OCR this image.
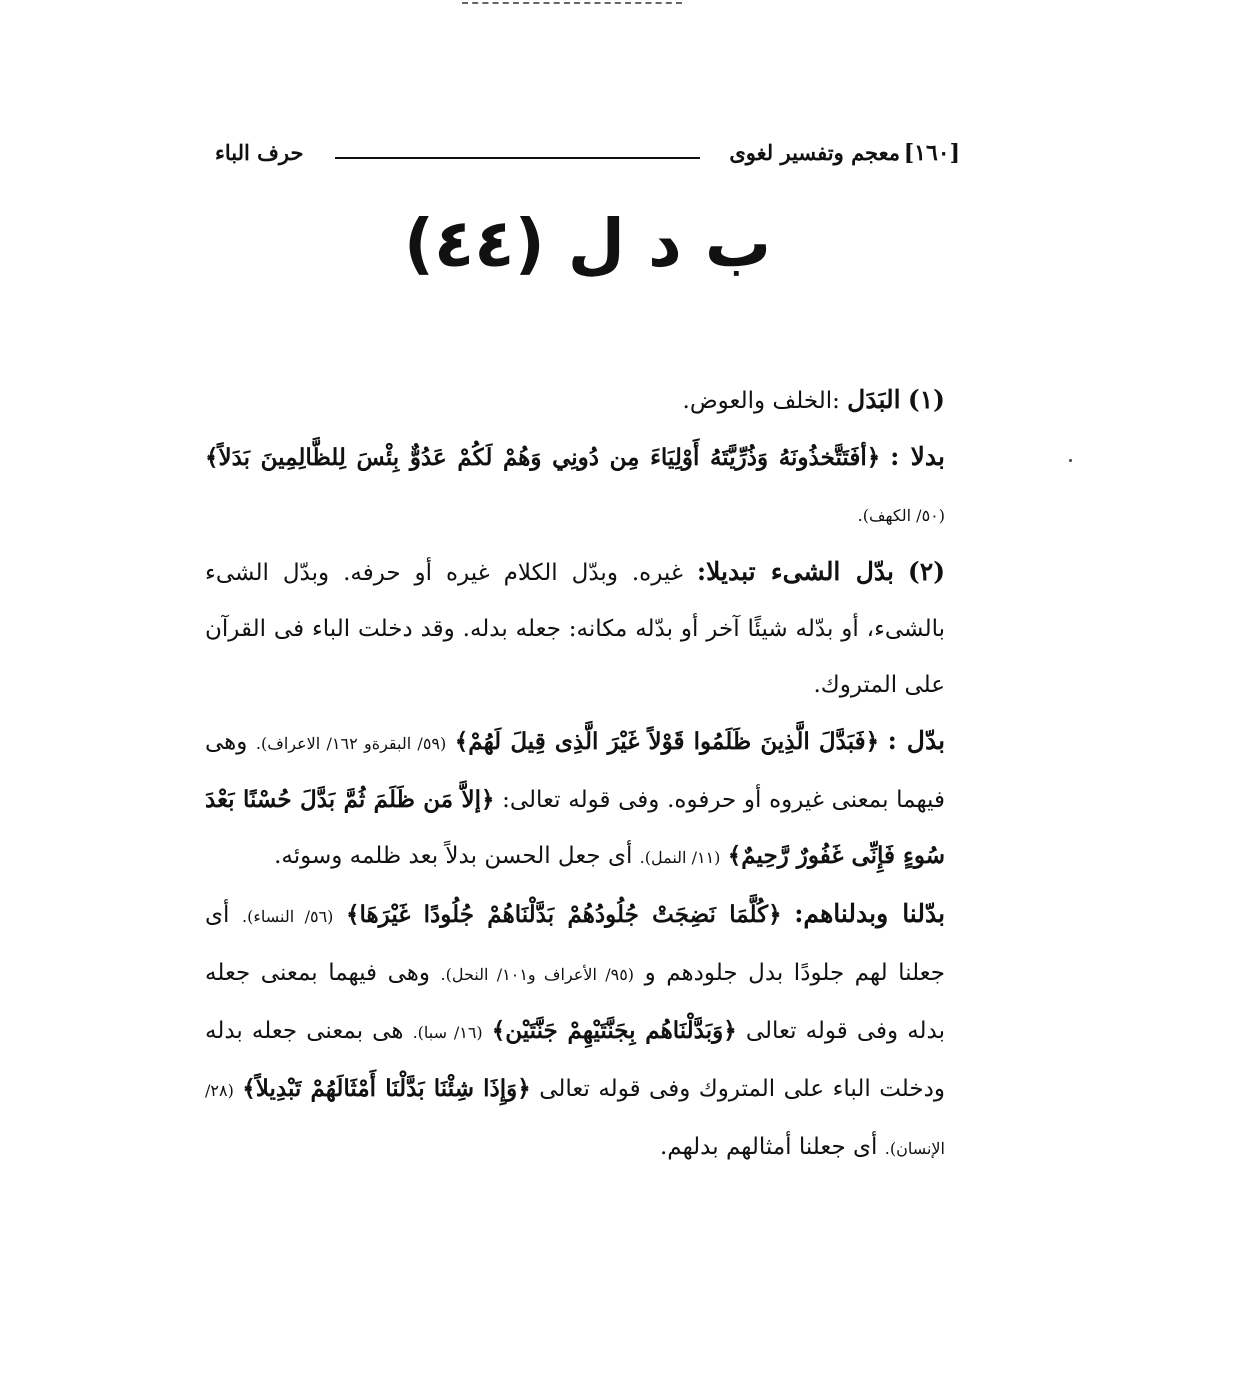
[١٦٠]
معجم وتفسير لغوى
حرف الباء
ب د ل (٤٤)

(١) البَدَل :الخلف والعوض.

بدلا : ﴿أفَتَتَّخذُونَهُ وَذُرِّيَّتَهُ أَوْلِيَاءَ مِن دُونِي وَهُمْ لَكُمْ عَدُوٌّ بِئْسَ لِلظَّالِمِينَ بَدَلاً﴾ (٥٠/ الكهف).

(٢) بدّل الشىء تبديلا: غيره. وبدّل الكلام غيره أو حرفه. وبدّل الشىء بالشىء، أو بدّله شيئًا آخر أو بدّله مكانه: جعله بدله. وقد دخلت الباء فى القرآن على المتروك.

بدّل : ﴿فَبَدَّلَ الَّذِينَ ظَلَمُوا قَوْلاً غَيْرَ الَّذِى قِيلَ لَهُمْ﴾ (٥٩/ البقرةو ١٦٢/ الاعراف). وهى فيهما بمعنى غيروه أو حرفوه. وفى قوله تعالى: ﴿إلاَّ مَن ظَلَمَ ثُمَّ بَدَّلَ حُسْنًا بَعْدَ سُوءٍ فَإِنِّى غَفُورٌ رَّحِيمٌ﴾ (١١/ النمل). أى جعل الحسن بدلاً بعد ظلمه وسوئه.

بدّلنا وبدلناهم: ﴿كُلَّمَا نَضِجَتْ جُلُودُهُمْ بَدَّلْنَاهُمْ جُلُودًا غَيْرَهَا﴾ (٥٦/ النساء). أى جعلنا لهم جلودًا بدل جلودهم و (٩٥/ الأعراف و١٠١/ النحل). وهى فيهما بمعنى جعله بدله وفى قوله تعالى ﴿وَبَدَّلْنَاهُم بِجَنَّتَيْهِمْ جَنَّتَيْن﴾ (١٦/ سبا). هى بمعنى جعله بدله ودخلت الباء على المتروك وفى قوله تعالى ﴿وَإِذَا شِئْنَا بَدَّلْنَا أَمْثَالَهُمْ تَبْدِيلاً﴾ (٢٨/ الإنسان). أى جعلنا أمثالهم بدلهم.
